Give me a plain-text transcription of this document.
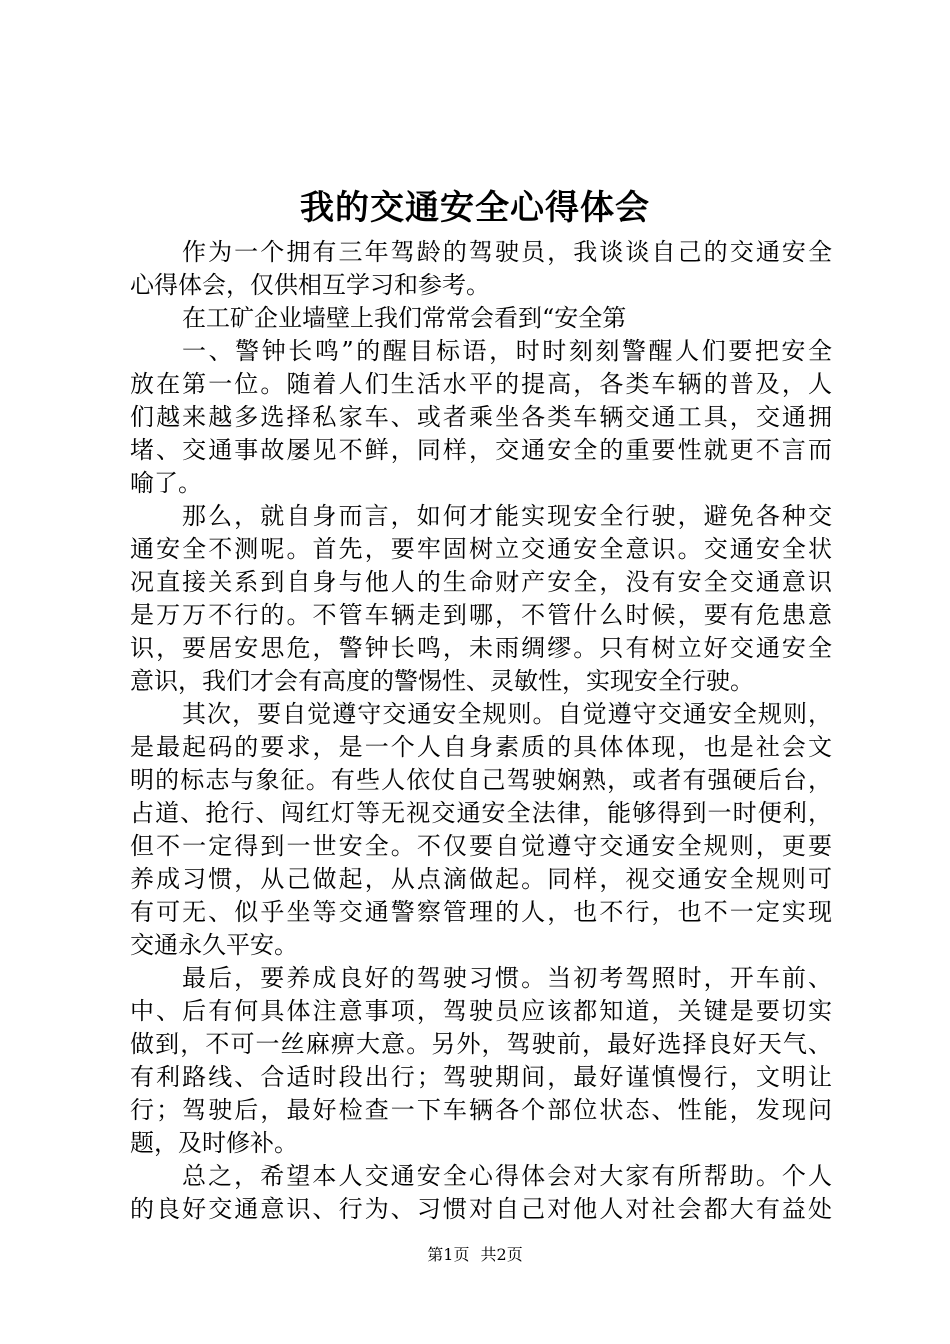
我的交通安全心得体会
作为一个拥有三年驾龄的驾驶员，我谈谈自己的交通安全
心得体会，仅供相互学习和参考。
在工矿企业墙壁上我们常常会看到“安全第
一、警钟长鸣”的醒目标语，时时刻刻警醒人们要把安全
放在第一位。随着人们生活水平的提高，各类车辆的普及，人
们越来越多选择私家车、或者乘坐各类车辆交通工具，交通拥
堵、交通事故屡见不鲜，同样，交通安全的重要性就更不言而
喻了。
那么，就自身而言，如何才能实现安全行驶，避免各种交
通安全不测呢。首先，要牢固树立交通安全意识。交通安全状
况直接关系到自身与他人的生命财产安全，没有安全交通意识
是万万不行的。不管车辆走到哪，不管什么时候，要有危患意
识，要居安思危，警钟长鸣，未雨绸缪。只有树立好交通安全
意识，我们才会有高度的警惕性、灵敏性，实现安全行驶。
其次，要自觉遵守交通安全规则。自觉遵守交通安全规则，
是最起码的要求，是一个人自身素质的具体体现，也是社会文
明的标志与象征。有些人依仗自己驾驶娴熟，或者有强硬后台，
占道、抢行、闯红灯等无视交通安全法律，能够得到一时便利，
但不一定得到一世安全。不仅要自觉遵守交通安全规则，更要
养成习惯，从己做起，从点滴做起。同样，视交通安全规则可
有可无、似乎坐等交通警察管理的人，也不行，也不一定实现
交通永久平安。
最后，要养成良好的驾驶习惯。当初考驾照时，开车前、
中、后有何具体注意事项，驾驶员应该都知道，关键是要切实
做到，不可一丝麻痹大意。另外，驾驶前，最好选择良好天气、
有利路线、合适时段出行；驾驶期间，最好谨慎慢行，文明让
行；驾驶后，最好检查一下车辆各个部位状态、性能，发现问
题，及时修补。
总之，希望本人交通安全心得体会对大家有所帮助。个人
的良好交通意识、行为、习惯对自己对他人对社会都大有益处
第1页 共2页
